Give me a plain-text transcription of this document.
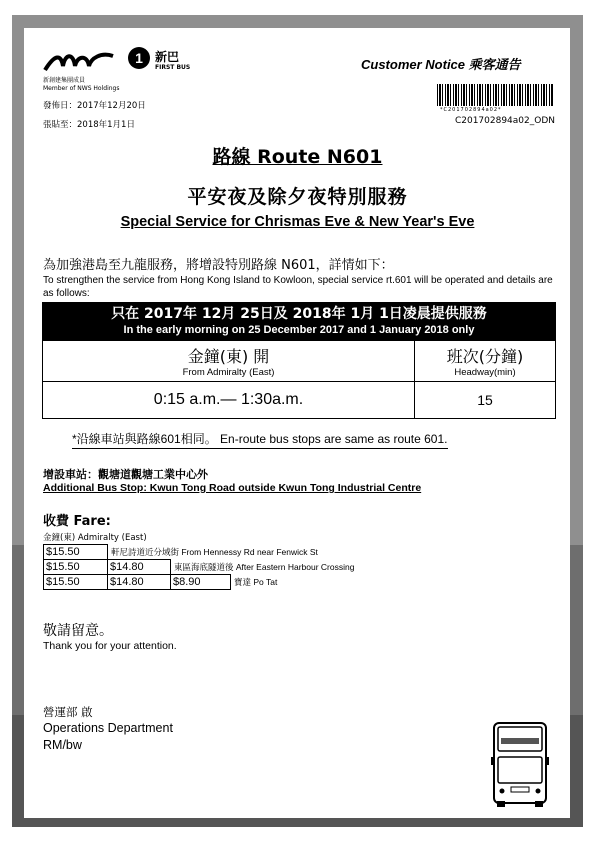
1 新巴
FIRST BUS
新創建集團成員
Member of NWS Holdings
Customer Notice 乘客通告
發佈日：2017年12月20日
張貼至：2018年1月1日
*C201702894a02*
C201702894a02_ODN
路線 Route N601
平安夜及除夕夜特別服務
Special Service for Chrismas Eve & New Year's Eve
為加強港島至九龍服務，將增設特別路線 N601，詳情如下：
To strengthen the service from Hong Kong Island to Kowloon, special service rt.601 will be operated and details are as follows:
只在 2017年 12月 25日及 2018年 1月 1日凌晨提供服務
In the early morning on 25 December 2017 and 1 January 2018 only
金鐘(東) 開
From Admiralty (East)
班次(分鐘)
Headway(min)
0:15 a.m.— 1:30a.m.	15
*沿線車站與路線601相同。 En-route bus stops are same as route 601.
增設車站：觀塘道觀塘工業中心外
Additional Bus Stop: Kwun Tong Road outside Kwun Tong Industrial Centre
收費 Fare:
金鐘(東) Admiralty (East)
$15.50	軒尼詩道近分域街 From Hennessy Rd near Fenwick St		
$15.50	$14.80	東區海底隧道後 After Eastern Harbour Crossing	
$15.50	$14.80	$8.90	寶達 Po Tat
敬請留意。
Thank you for your attention.
營運部 啟
Operations Department
RM/bw
